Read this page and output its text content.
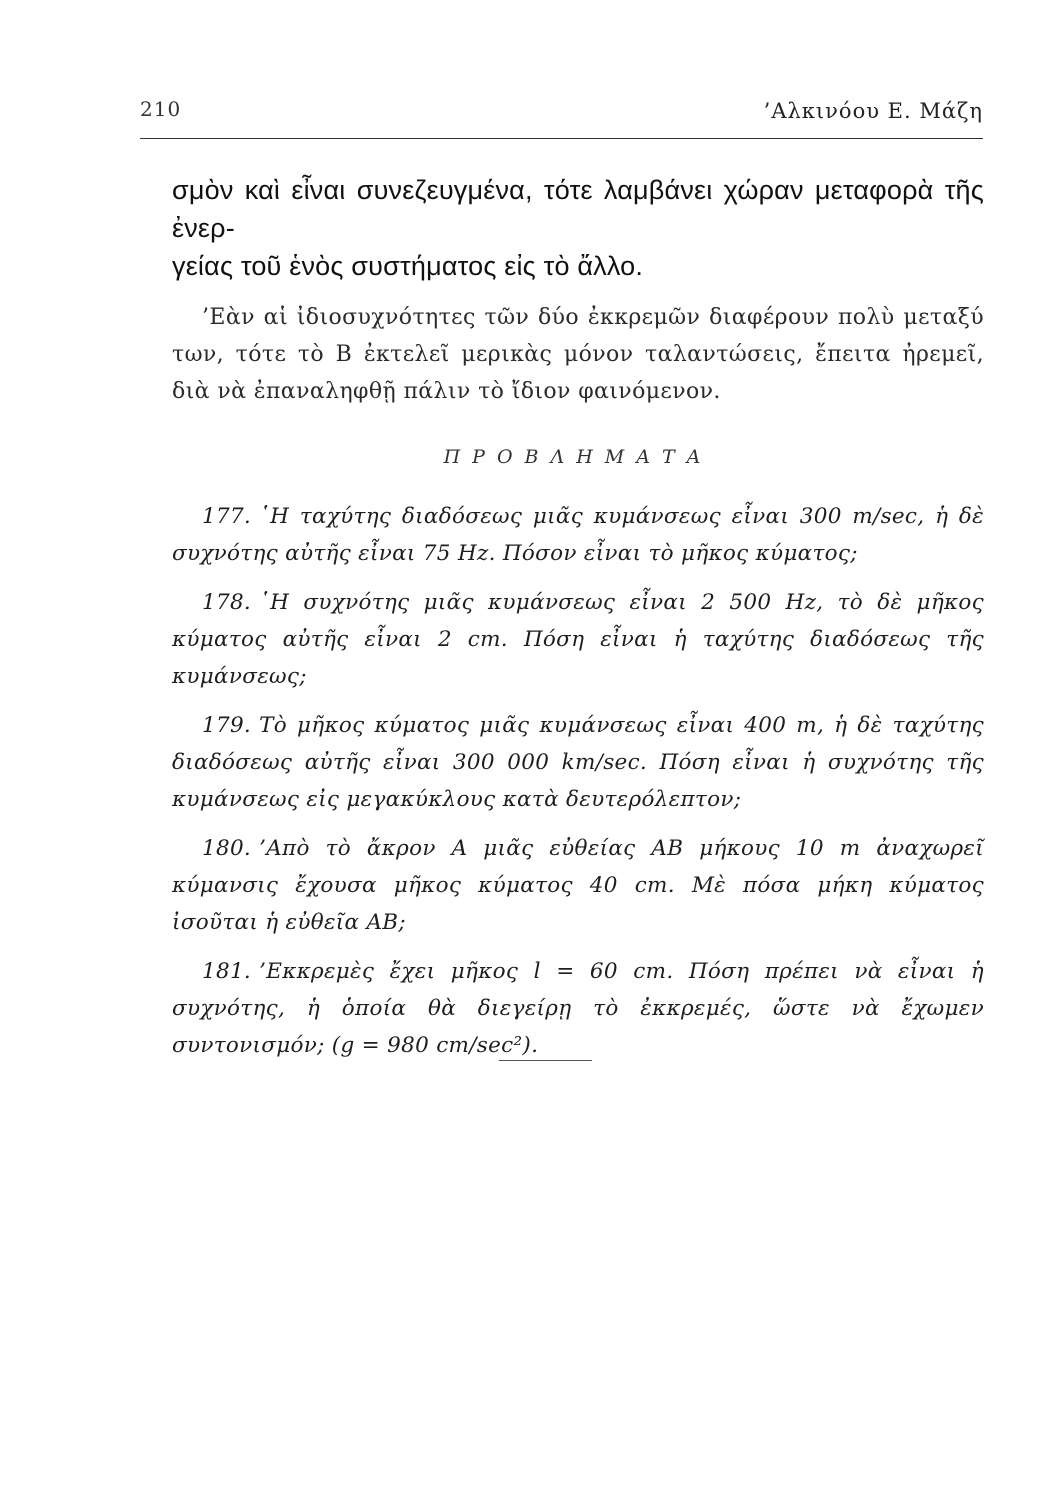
210	’Αλκινόου Ε. Μάζη

σμὸν καὶ εἶναι συνεζευγμένα, τότε λαμβάνει χώραν μεταφορὰ τῆς ἐνερ-
γείας τοῦ ἑνὸς συστήματος εἰς τὸ ἄλλο.

’Εὰν αἱ ἰδιοσυχνότητες τῶν δύο ἐκκρεμῶν διαφέρουν πολὺ μεταξύ των, τότε τὸ Β ἐκτελεῖ μερικὰς μόνον ταλαντώσεις, ἔπειτα ἠρεμεῖ, διὰ νὰ ἐπαναληφθῇ πάλιν τὸ ἴδιον φαινόμενον.

ΠΡΟΒΛΗΜΑΤΑ

177. ῾Η ταχύτης διαδόσεως μιᾶς κυμάνσεως εἶναι 300 m/sec, ἡ δὲ συχνότης αὐτῆς εἶναι 75 Hz. Πόσον εἶναι τὸ μῆκος κύματος;

178. ῾Η συχνότης μιᾶς κυμάνσεως εἶναι 2 500 Hz, τὸ δὲ μῆκος κύματος αὐτῆς εἶναι 2 cm. Πόση εἶναι ἡ ταχύτης διαδόσεως τῆς κυμάνσεως;

179. Τὸ μῆκος κύματος μιᾶς κυμάνσεως εἶναι 400 m, ἡ δὲ ταχύτης διαδόσεως αὐτῆς εἶναι 300 000 km/sec. Πόση εἶναι ἡ συχνότης τῆς κυμάνσεως εἰς μεγακύκλους κατὰ δευτερόλεπτον;

180. ’Απὸ τὸ ἄκρον Α μιᾶς εὐθείας ΑΒ μήκους 10 m ἀναχωρεῖ κύμανσις ἔχουσα μῆκος κύματος 40 cm. Μὲ πόσα μήκη κύματος ἰσοῦται ἡ εὐθεῖα ΑΒ;

181. ’Εκκρεμὲς ἔχει μῆκος l = 60 cm. Πόση πρέπει νὰ εἶναι ἡ συχνότης, ἡ ὁποία θὰ διεγείρῃ τὸ ἐκκρεμές, ὥστε νὰ ἔχωμεν συντονισμόν; (g = 980 cm/sec²).
